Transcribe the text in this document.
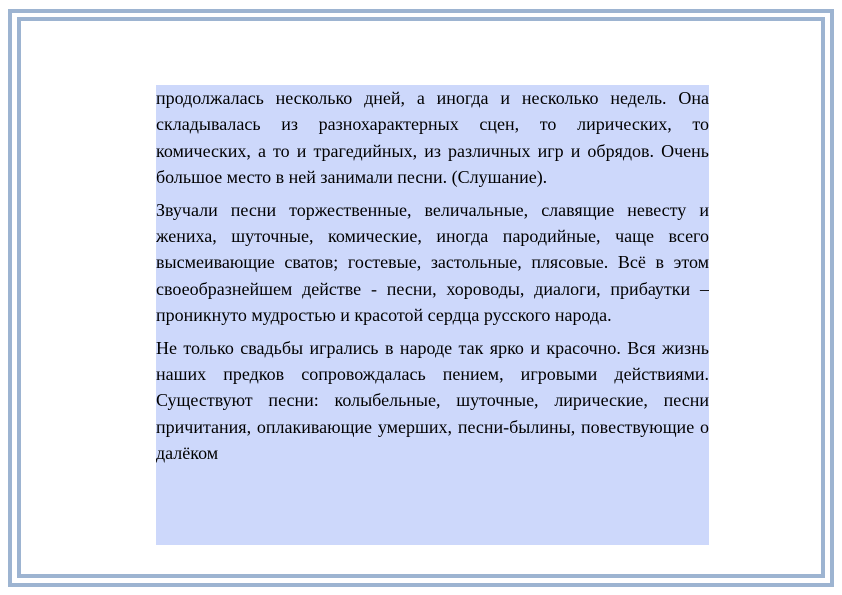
продолжалась несколько дней, а иногда и несколько недель. Она складывалась из разнохарактерных сцен, то лирических, то комических, а то и трагедийных, из различных игр и обрядов. Очень большое место в ней занимали песни. (Слушание).

Звучали песни торжественные, величальные, славящие невесту и жениха, шуточные, комические, иногда пародийные, чаще всего высмеивающие сватов; гостевые, застольные, плясовые. Всё в этом своеобразнейшем действе - песни, хороводы, диалоги, прибаутки – проникнуто мудростью и красотой сердца русского народа.

Не только свадьбы игрались в народе так ярко и красочно. Вся жизнь наших предков сопровождалась пением, игровыми действиями. Существуют песни: колыбельные, шуточные, лирические, песни причитания, оплакивающие умерших, песни-былины, повествующие о далёком
